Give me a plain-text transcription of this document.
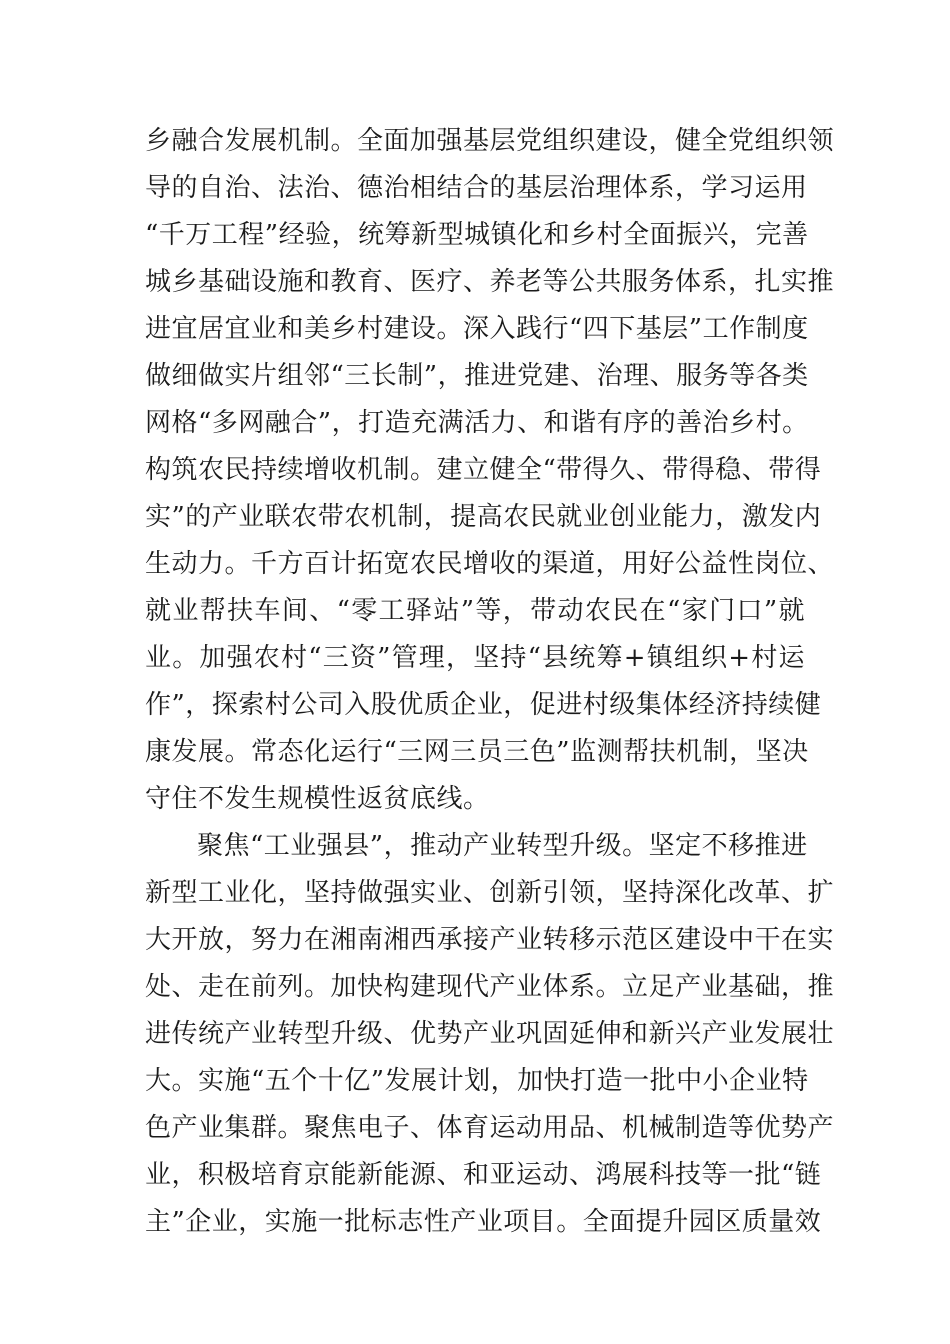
乡融合发展机制。全面加强基层党组织建设，健全党组织领
导的自治、法治、德治相结合的基层治理体系，学习运用
“千万工程”经验，统筹新型城镇化和乡村全面振兴，完善
城乡基础设施和教育、医疗、养老等公共服务体系，扎实推
进宜居宜业和美乡村建设。深入践行“四下基层”工作制度
做细做实片组邻“三长制”，推进党建、治理、服务等各类
网格“多网融合”，打造充满活力、和谐有序的善治乡村。
构筑农民持续增收机制。建立健全“带得久、带得稳、带得
实”的产业联农带农机制，提高农民就业创业能力，激发内
生动力。千方百计拓宽农民增收的渠道，用好公益性岗位、
就业帮扶车间、“零工驿站”等，带动农民在“家门口”就
业。加强农村“三资”管理，坚持“县统筹+镇组织+村运
作”，探索村公司入股优质企业，促进村级集体经济持续健
康发展。常态化运行“三网三员三色”监测帮扶机制，坚决
守住不发生规模性返贫底线。
聚焦“工业强县”，推动产业转型升级。坚定不移推进
新型工业化，坚持做强实业、创新引领，坚持深化改革、扩
大开放，努力在湘南湘西承接产业转移示范区建设中干在实
处、走在前列。加快构建现代产业体系。立足产业基础，推
进传统产业转型升级、优势产业巩固延伸和新兴产业发展壮
大。实施“五个十亿”发展计划，加快打造一批中小企业特
色产业集群。聚焦电子、体育运动用品、机械制造等优势产
业，积极培育京能新能源、和亚运动、鸿展科技等一批“链
主”企业，实施一批标志性产业项目。全面提升园区质量效
